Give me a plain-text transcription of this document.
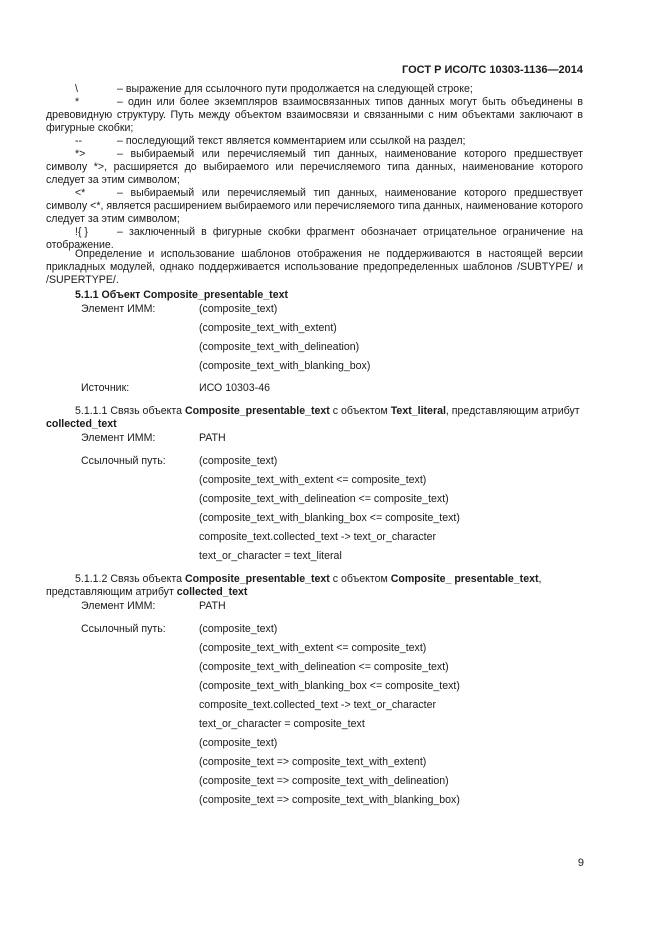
ГОСТ Р ИСО/ТС 10303-1136—2014
\	– выражение для ссылочного пути продолжается на следующей строке;
*	– один или более экземпляров взаимосвязанных типов данных могут быть объединены в древовидную структуру. Путь между объектом взаимосвязи и связанными с ним объектами заключают в фигурные скобки;
--	– последующий текст является комментарием или ссылкой на раздел;
*>	– выбираемый или перечисляемый тип данных, наименование которого предшествует символу *>, расширяется до выбираемого или перечисляемого типа данных, наименование которого следует за этим символом;
<*	– выбираемый или перечисляемый тип данных, наименование которого предшествует символу <*, является расширением выбираемого или перечисляемого типа данных, наименование которого следует за этим символом;
!{ }	– заключенный в фигурные скобки фрагмент обозначает отрицательное ограничение на отображение.
Определение и использование шаблонов отображения не поддерживаются в настоящей версии прикладных модулей, однако поддерживается использование предопределенных шаблонов /SUBTYPE/ и /SUPERTYPE/.
5.1.1 Объект Composite_presentable_text
Элемент ИММ:	(composite_text)
(composite_text_with_extent)
(composite_text_with_delineation)
(composite_text_with_blanking_box)
Источник:	ИСО 10303-46
5.1.1.1 Связь объекта Composite_presentable_text с объектом Text_literal, представляющим атрибут collected_text
Элемент ИММ:	PATH
Ссылочный путь:	(composite_text)
(composite_text_with_extent <= composite_text)
(composite_text_with_delineation <= composite_text)
(composite_text_with_blanking_box <= composite_text)
composite_text.collected_text -> text_or_character
text_or_character = text_literal
5.1.1.2 Связь объекта Composite_presentable_text с объектом Composite_ presentable_text, представляющим атрибут collected_text
Элемент ИММ:	PATH
Ссылочный путь:	(composite_text)
(composite_text_with_extent <= composite_text)
(composite_text_with_delineation <= composite_text)
(composite_text_with_blanking_box <= composite_text)
composite_text.collected_text -> text_or_character
text_or_character = composite_text
(composite_text)
(composite_text => composite_text_with_extent)
(composite_text => composite_text_with_delineation)
(composite_text => composite_text_with_blanking_box)
9
